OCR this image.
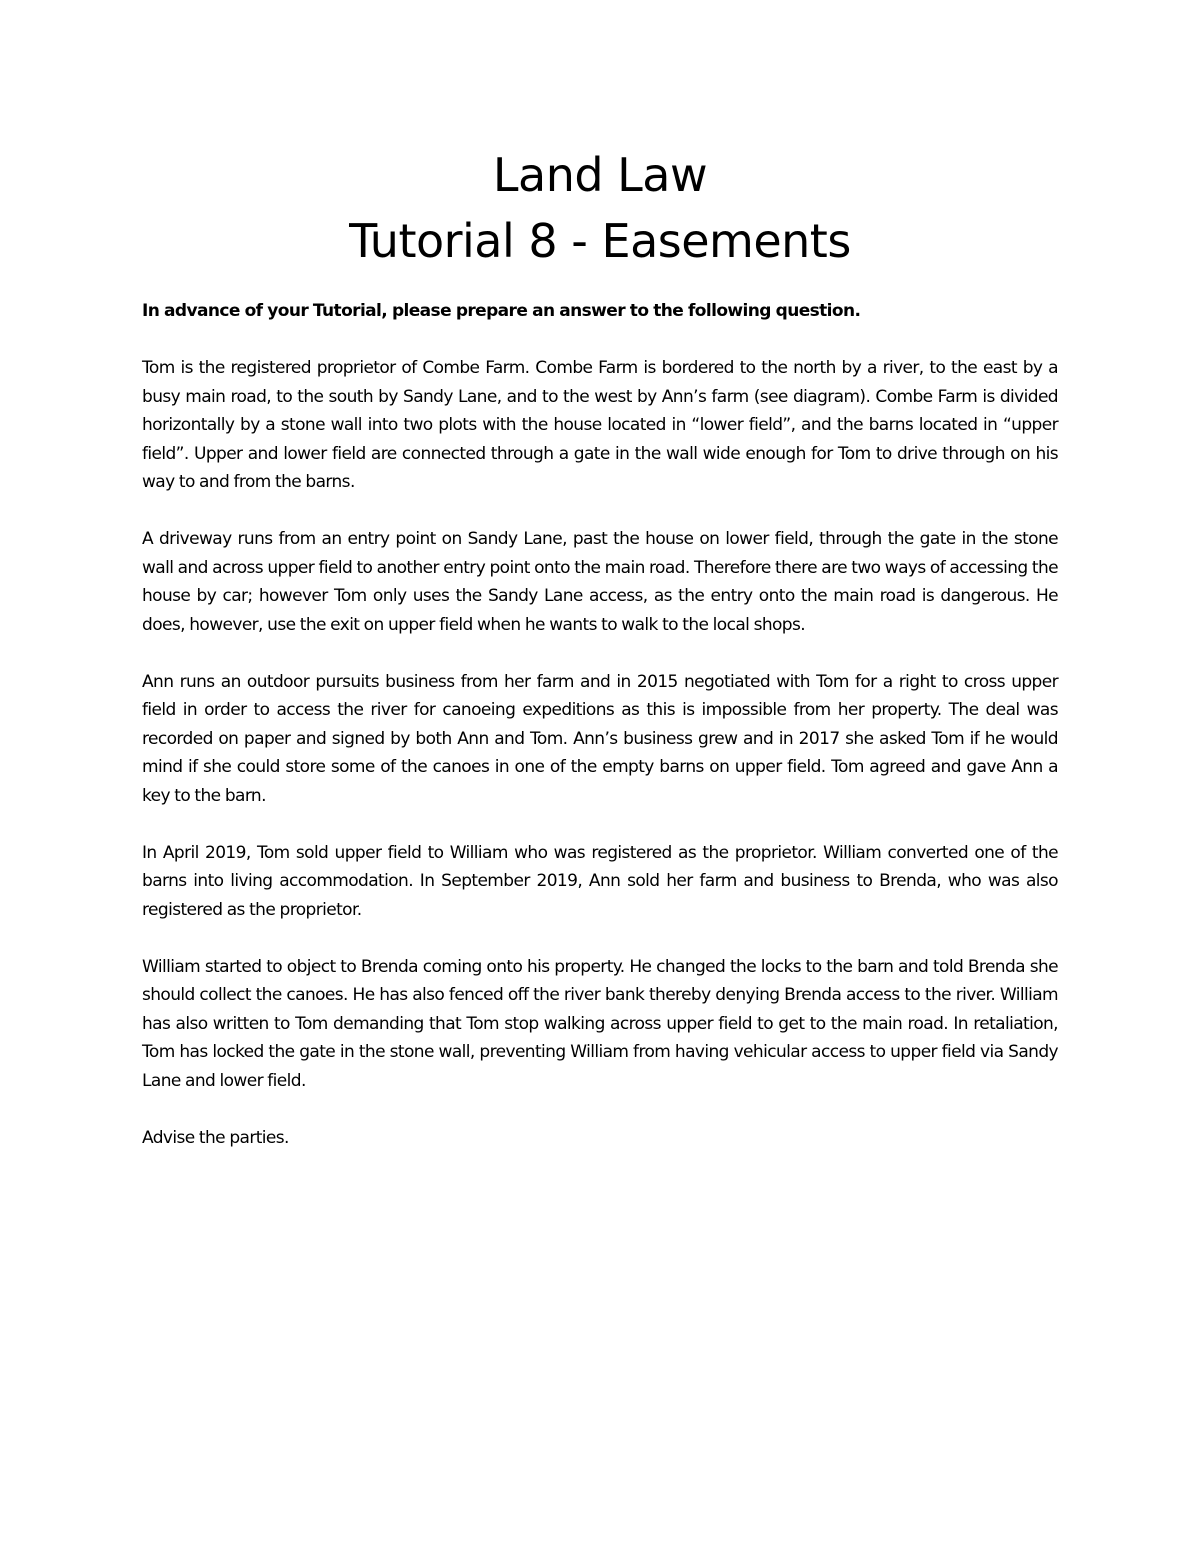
Land Law
Tutorial 8 - Easements

In advance of your Tutorial, please prepare an answer to the following question.

Tom is the registered proprietor of Combe Farm. Combe Farm is bordered to the north by a river, to the east by a busy main road, to the south by Sandy Lane, and to the west by Ann’s farm (see diagram). Combe Farm is divided horizontally by a stone wall into two plots with the house located in “lower field”, and the barns located in “upper field”. Upper and lower field are connected through a gate in the wall wide enough for Tom to drive through on his way to and from the barns.

A driveway runs from an entry point on Sandy Lane, past the house on lower field, through the gate in the stone wall and across upper field to another entry point onto the main road. Therefore there are two ways of accessing the house by car; however Tom only uses the Sandy Lane access, as the entry onto the main road is dangerous. He does, however, use the exit on upper field when he wants to walk to the local shops.

Ann runs an outdoor pursuits business from her farm and in 2015 negotiated with Tom for a right to cross upper field in order to access the river for canoeing expeditions as this is impossible from her property. The deal was recorded on paper and signed by both Ann and Tom. Ann’s business grew and in 2017 she asked Tom if he would mind if she could store some of the canoes in one of the empty barns on upper field. Tom agreed and gave Ann a key to the barn.

In April 2019, Tom sold upper field to William who was registered as the proprietor. William converted one of the barns into living accommodation. In September 2019, Ann sold her farm and business to Brenda, who was also registered as the proprietor.

William started to object to Brenda coming onto his property. He changed the locks to the barn and told Brenda she should collect the canoes. He has also fenced off the river bank thereby denying Brenda access to the river. William has also written to Tom demanding that Tom stop walking across upper field to get to the main road. In retaliation, Tom has locked the gate in the stone wall, preventing William from having vehicular access to upper field via Sandy Lane and lower field.

Advise the parties.
